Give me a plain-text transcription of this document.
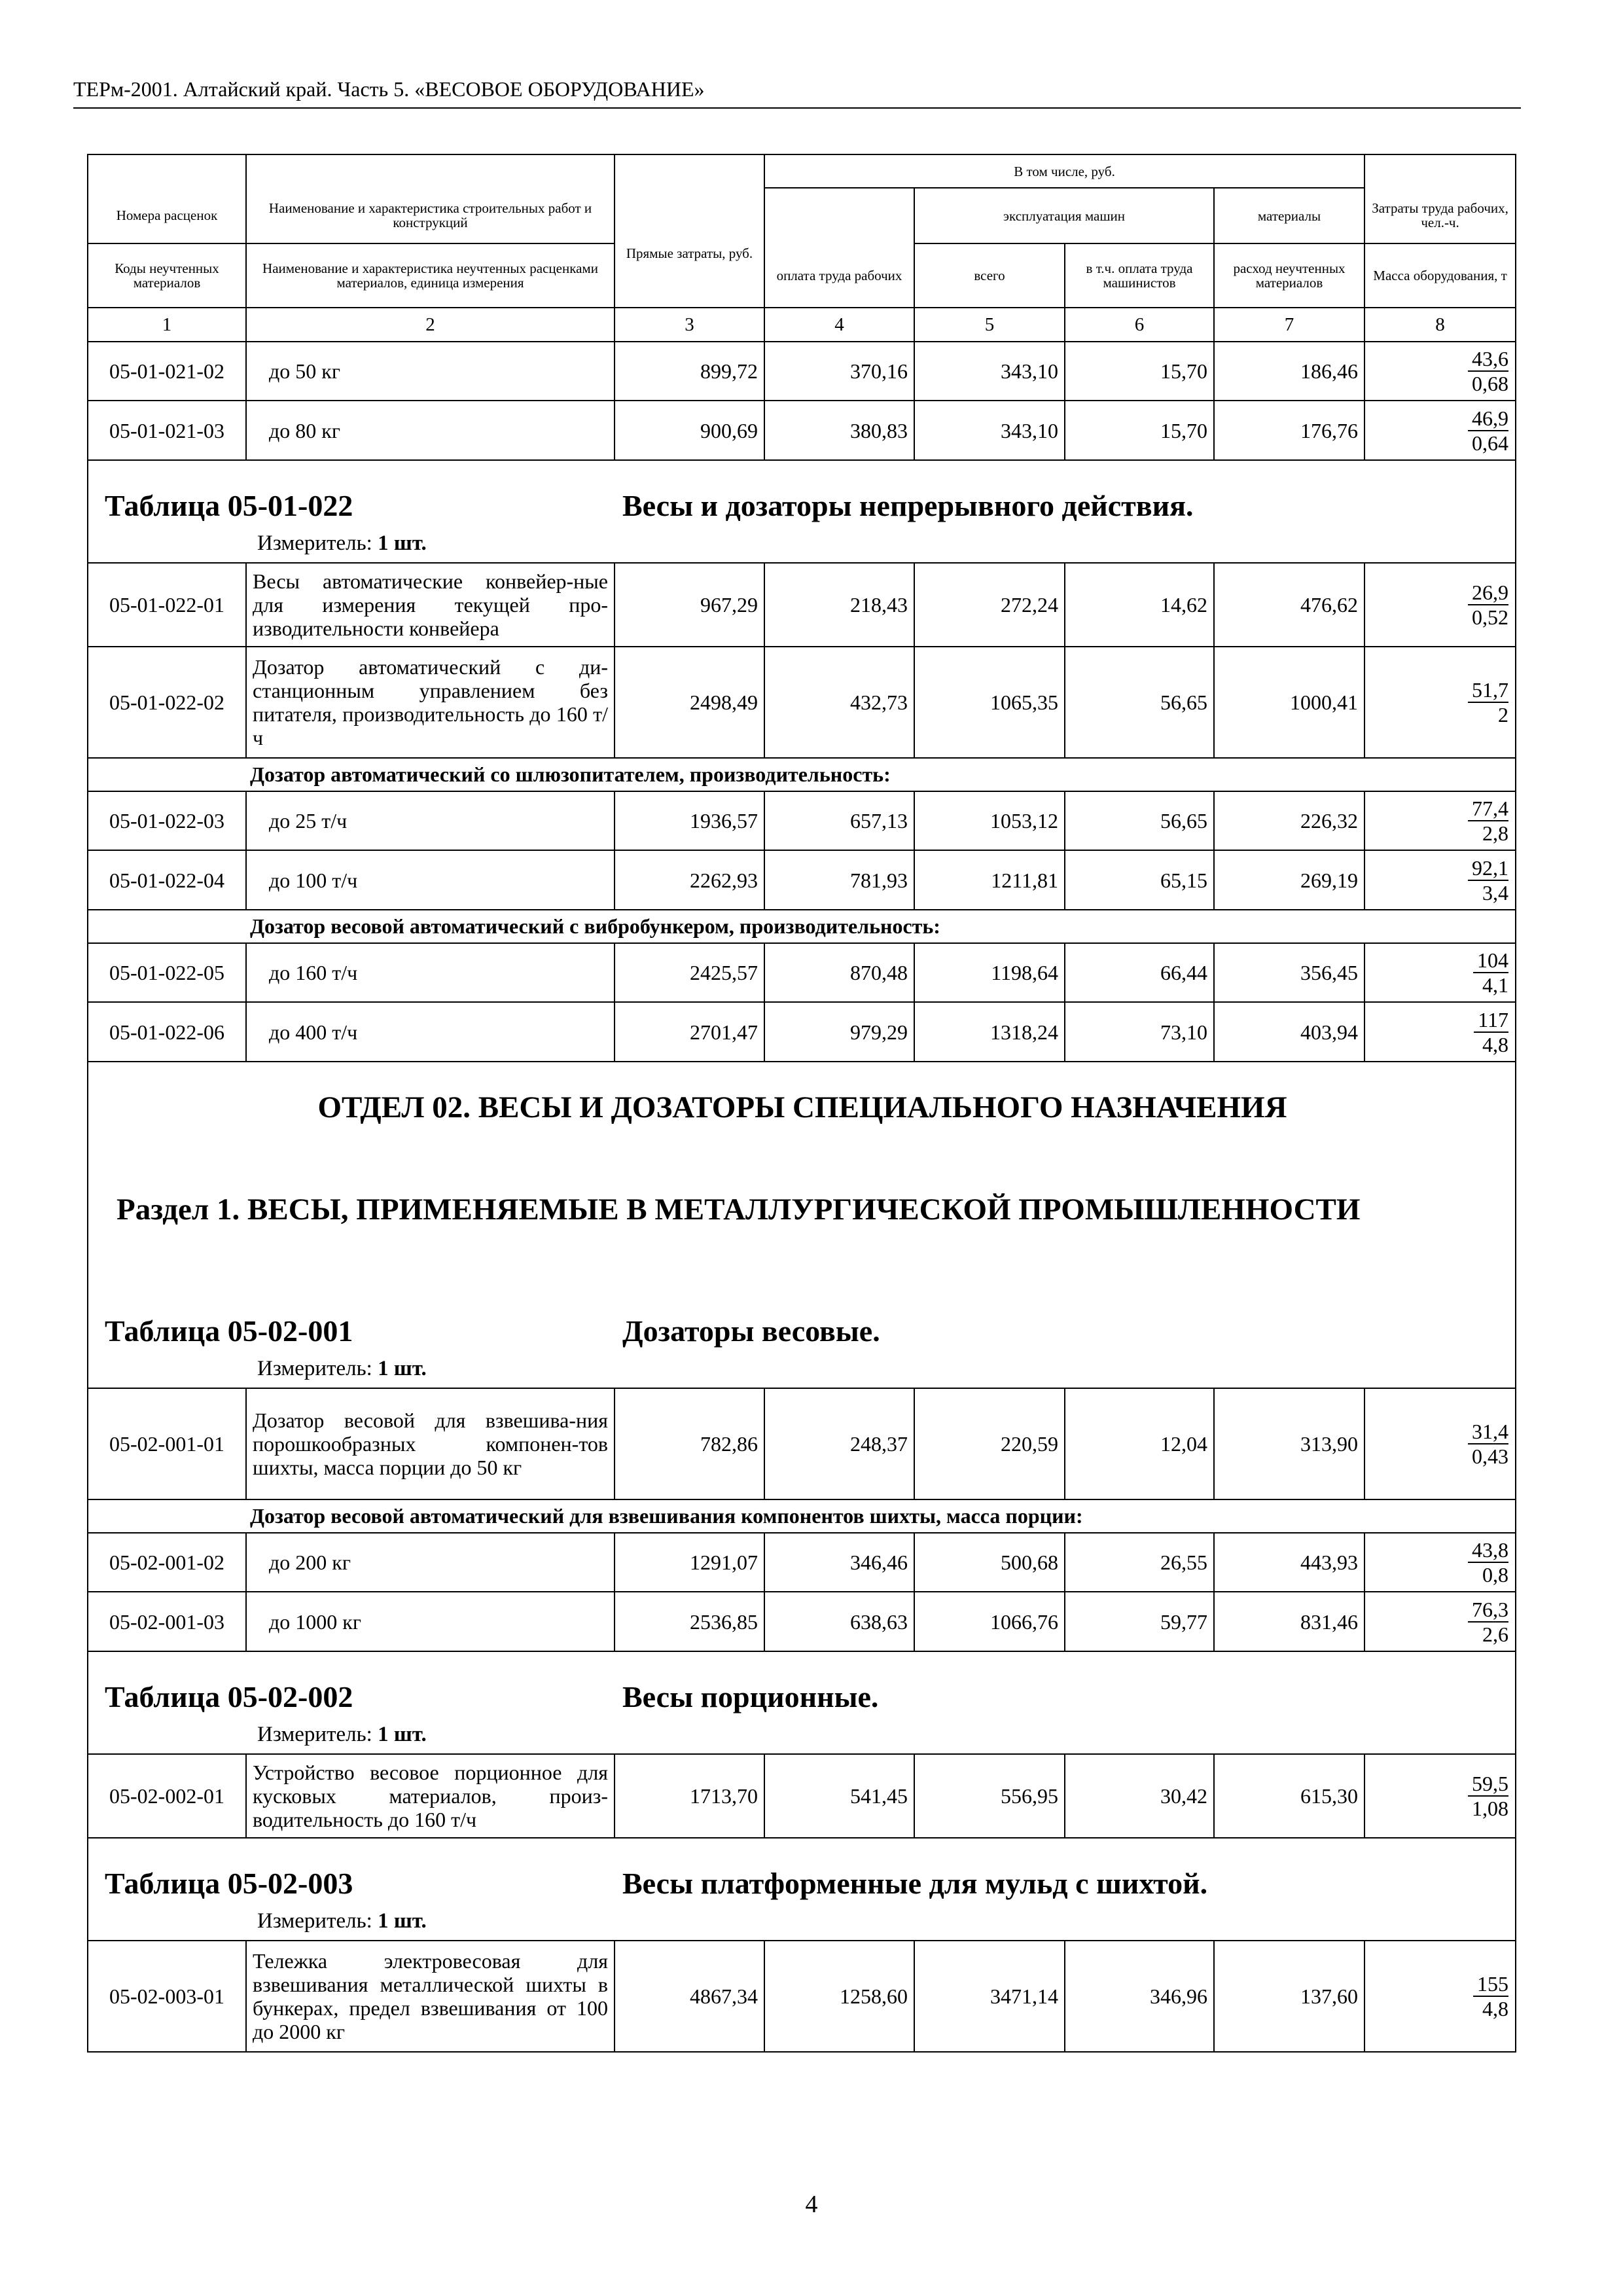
ТЕРм-2001. Алтайский край. Часть 5. «ВЕСОВОЕ ОБОРУДОВАНИЕ»
			В том числе, руб.				
Номера расценок	Наименование и характеристика строительных работ и конструкций			эксплуатация машин		материалы	Затраты труда рабочих, чел.-ч.
Коды неучтенных материалов	Наименование и характеристика неучтенных расценками материалов, единица измерения	Прямые затраты, руб.	оплата труда рабочих	всего	в т.ч. оплата труда машинистов	расход неучтенных материалов	Масса оборудования, т
1	2	3	4	5	6	7	8
05-01-021-02	до 50 кг	899,72	370,16	343,10	15,70	186,46	43,6
0,68

05-01-021-03	до 80 кг	900,69	380,83	343,10	15,70	176,76	46,9
0,64

Таблица 05-01-022 Весы и дозаторы непрерывного действия.
Измеритель: 1 шт.							

05-01-022-01	Весы автоматические конвейер-ные для измерения текущей про-изводительности конвейера	967,29	218,43	272,24	14,62	476,62	26,9
0,52

05-01-022-02	Дозатор автоматический с ди-станционным управлением без питателя, производительность до 160 т/ч	2498,49	432,73	1065,35	56,65	1000,41	51,7
2

Дозатор автоматический со шлюзопитателем, производительность:							
05-01-022-03	до 25 т/ч	1936,57	657,13	1053,12	56,65	226,32	77,4
2,8

05-01-022-04	до 100 т/ч	2262,93	781,93	1211,81	65,15	269,19	92,1
3,4

Дозатор весовой автоматический с вибробункером, производительность:							
05-01-022-05	до 160 т/ч	2425,57	870,48	1198,64	66,44	356,45	104
4,1

05-01-022-06	до 400 т/ч	2701,47	979,29	1318,24	73,10	403,94	117
4,8

ОТДЕЛ 02. ВЕСЫ И ДОЗАТОРЫ СПЕЦИАЛЬНОГО НАЗНАЧЕНИЯ
Раздел 1. ВЕСЫ, ПРИМЕНЯЕМЫЕ В МЕТАЛЛУРГИЧЕСКОЙ ПРОМЫШЛЕННОСТИ
Таблица 05-02-001 Дозаторы весовые.
Измеритель: 1 шт.							

05-02-001-01	Дозатор весовой для взвешива-ния порошкообразных компонен-тов шихты, масса порции до 50 кг	782,86	248,37	220,59	12,04	313,90	31,4
0,43

Дозатор весовой автоматический для взвешивания компонентов шихты, масса порции:							
05-02-001-02	до 200 кг	1291,07	346,46	500,68	26,55	443,93	43,8
0,8

05-02-001-03	до 1000 кг	2536,85	638,63	1066,76	59,77	831,46	76,3
2,6

Таблица 05-02-002 Весы порционные.
Измеритель: 1 шт.							

05-02-002-01	Устройство весовое порционное для кусковых материалов, произ-водительность до 160 т/ч	1713,70	541,45	556,95	30,42	615,30	59,5
1,08

Таблица 05-02-003 Весы платформенные для мульд с шихтой.
Измеритель: 1 шт.							

05-02-003-01	Тележка электровесовая для взвешивания металлической шихты в бункерах, предел взвешивания от 100 до 2000 кг	4867,34	1258,60	3471,14	346,96	137,60	155
4,8
4
